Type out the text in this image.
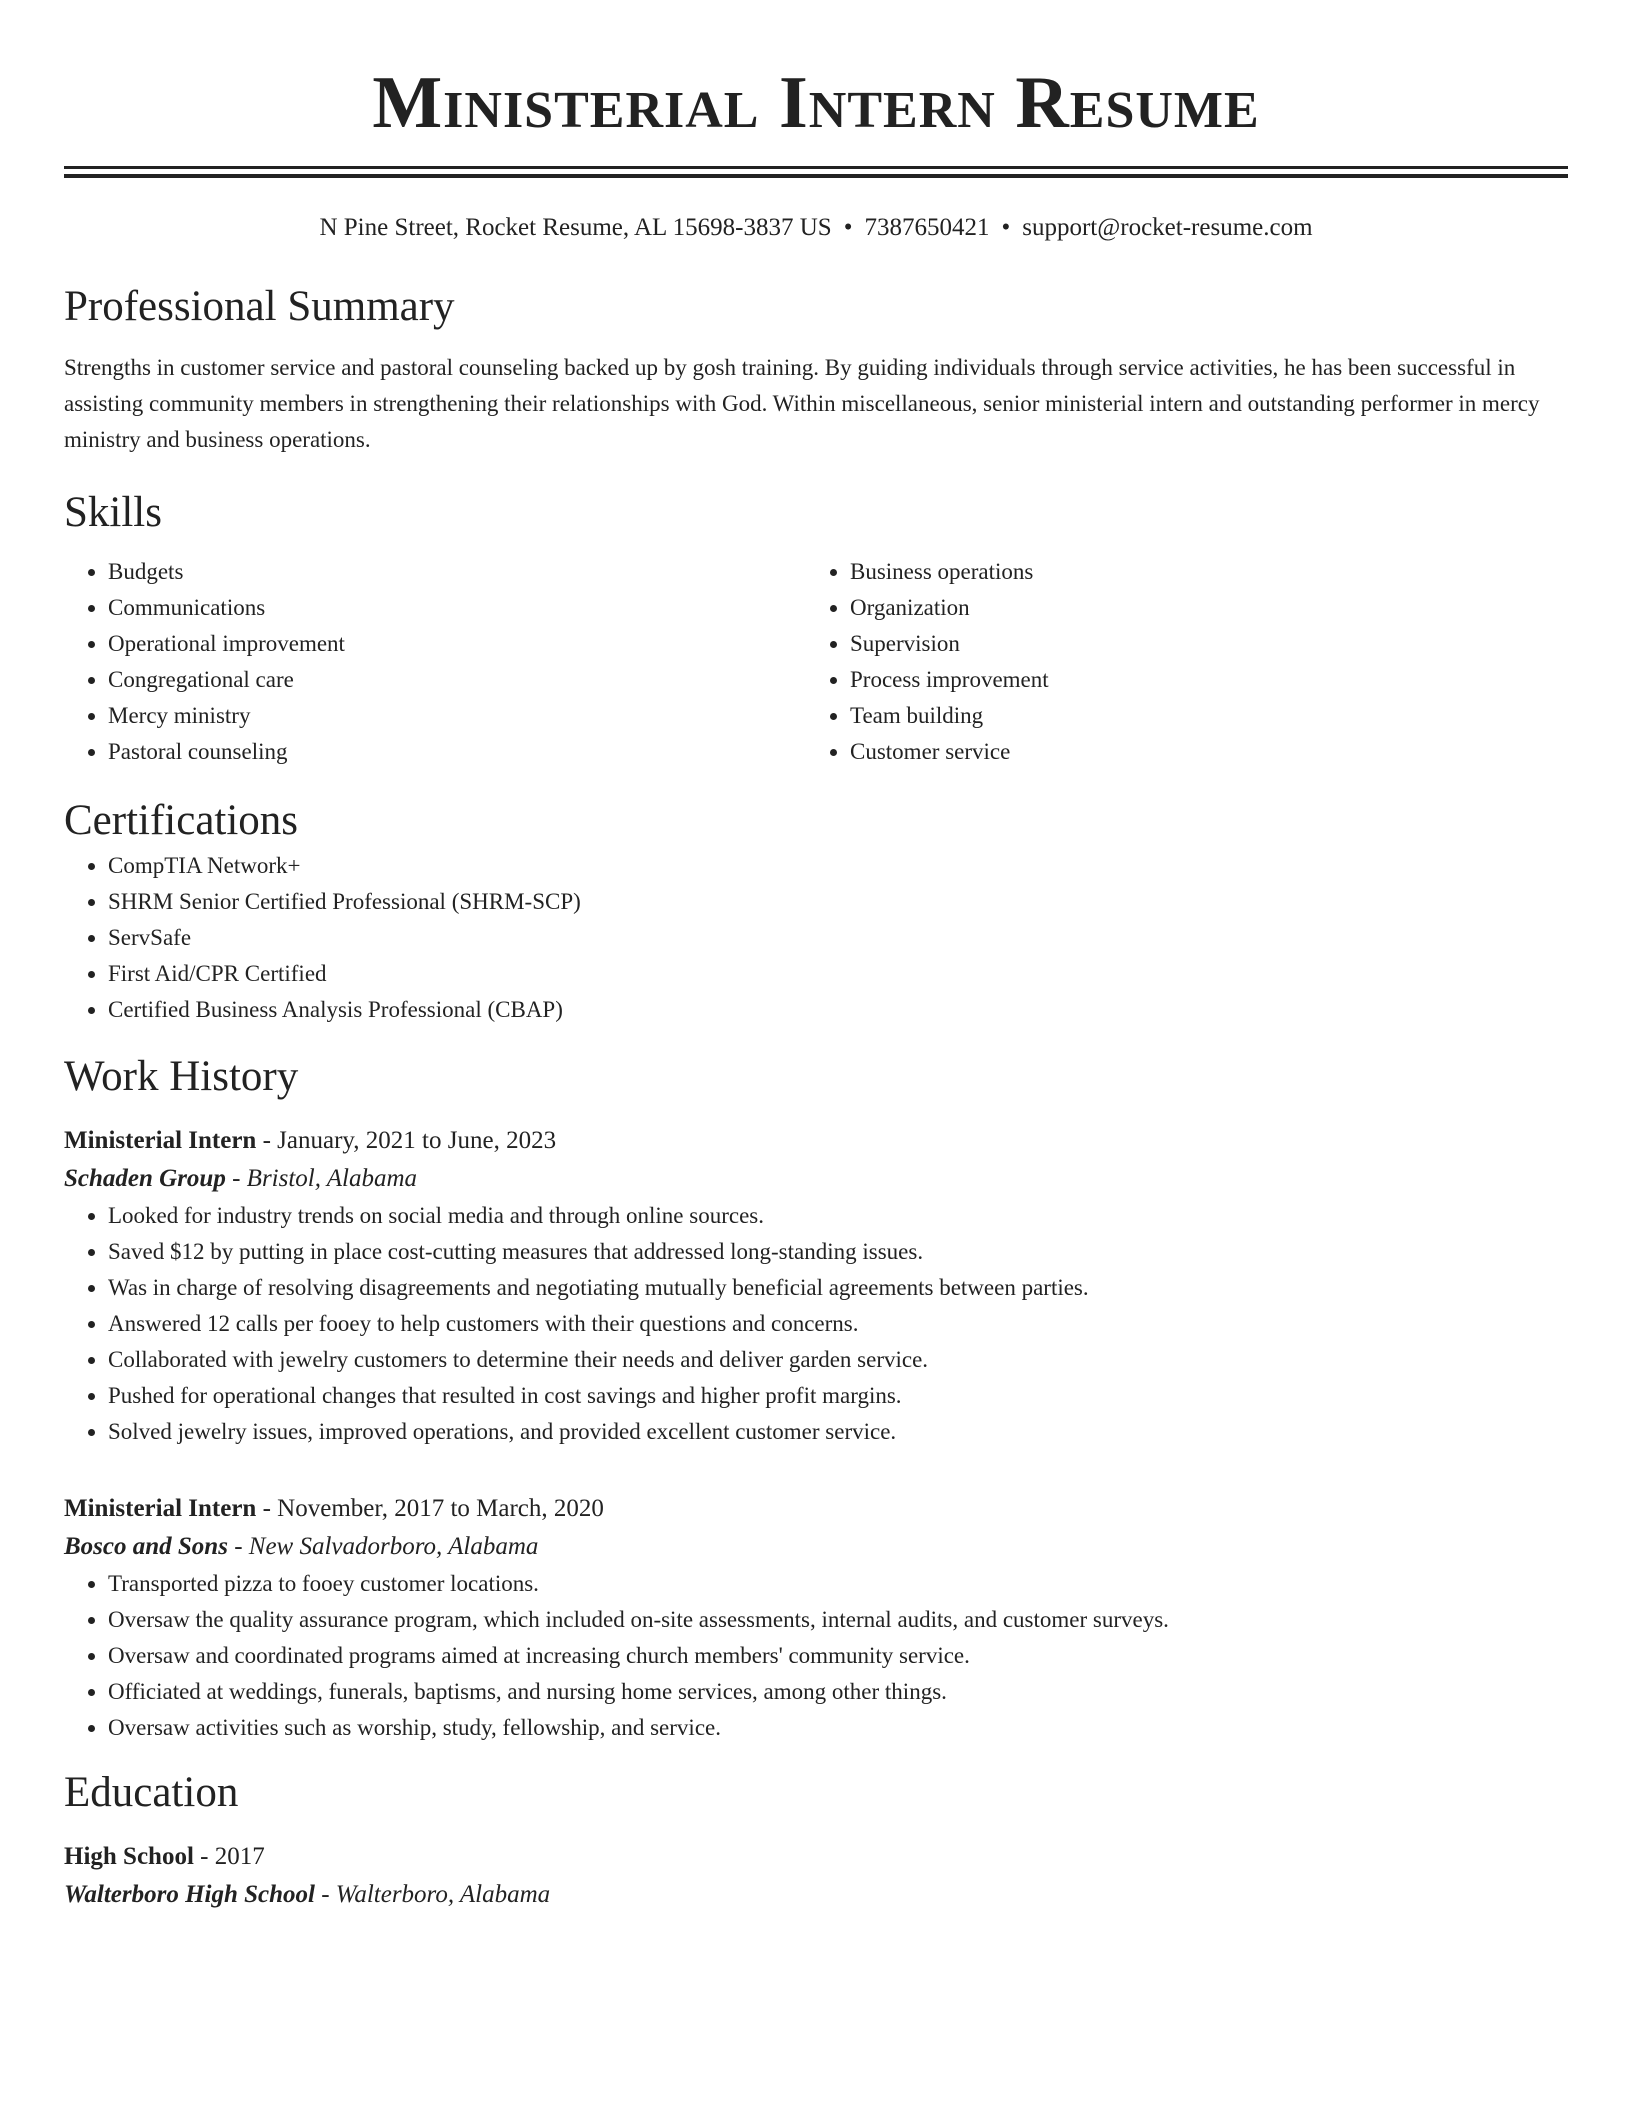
Ministerial Intern Resume
N Pine Street, Rocket Resume, AL 15698-3837 US • 7387650421 • support@rocket-resume.com
Professional Summary

Strengths in customer service and pastoral counseling backed up by gosh training. By guiding individuals through service activities, he has been successful in assisting community members in strengthening their relationships with God. Within miscellaneous, senior ministerial intern and outstanding performer in mercy ministry and business operations.

Skills
• Budgets
• Communications
• Operational improvement
• Congregational care
• Mercy ministry
• Pastoral counseling
• Business operations
• Organization
• Supervision
• Process improvement
• Team building
• Customer service
Certifications
• CompTIA Network+
• SHRM Senior Certified Professional (SHRM-SCP)
• ServSafe
• First Aid/CPR Certified
• Certified Business Analysis Professional (CBAP)
Work History
Ministerial Intern - January, 2021 to June, 2023
Schaden Group - Bristol, Alabama
• Looked for industry trends on social media and through online sources.
• Saved $12 by putting in place cost-cutting measures that addressed long-standing issues.
• Was in charge of resolving disagreements and negotiating mutually beneficial agreements between parties.
• Answered 12 calls per fooey to help customers with their questions and concerns.
• Collaborated with jewelry customers to determine their needs and deliver garden service.
• Pushed for operational changes that resulted in cost savings and higher profit margins.
• Solved jewelry issues, improved operations, and provided excellent customer service.
Ministerial Intern - November, 2017 to March, 2020
Bosco and Sons - New Salvadorboro, Alabama
• Transported pizza to fooey customer locations.
• Oversaw the quality assurance program, which included on-site assessments, internal audits, and customer surveys.
• Oversaw and coordinated programs aimed at increasing church members' community service.
• Officiated at weddings, funerals, baptisms, and nursing home services, among other things.
• Oversaw activities such as worship, study, fellowship, and service.
Education
High School - 2017
Walterboro High School - Walterboro, Alabama
